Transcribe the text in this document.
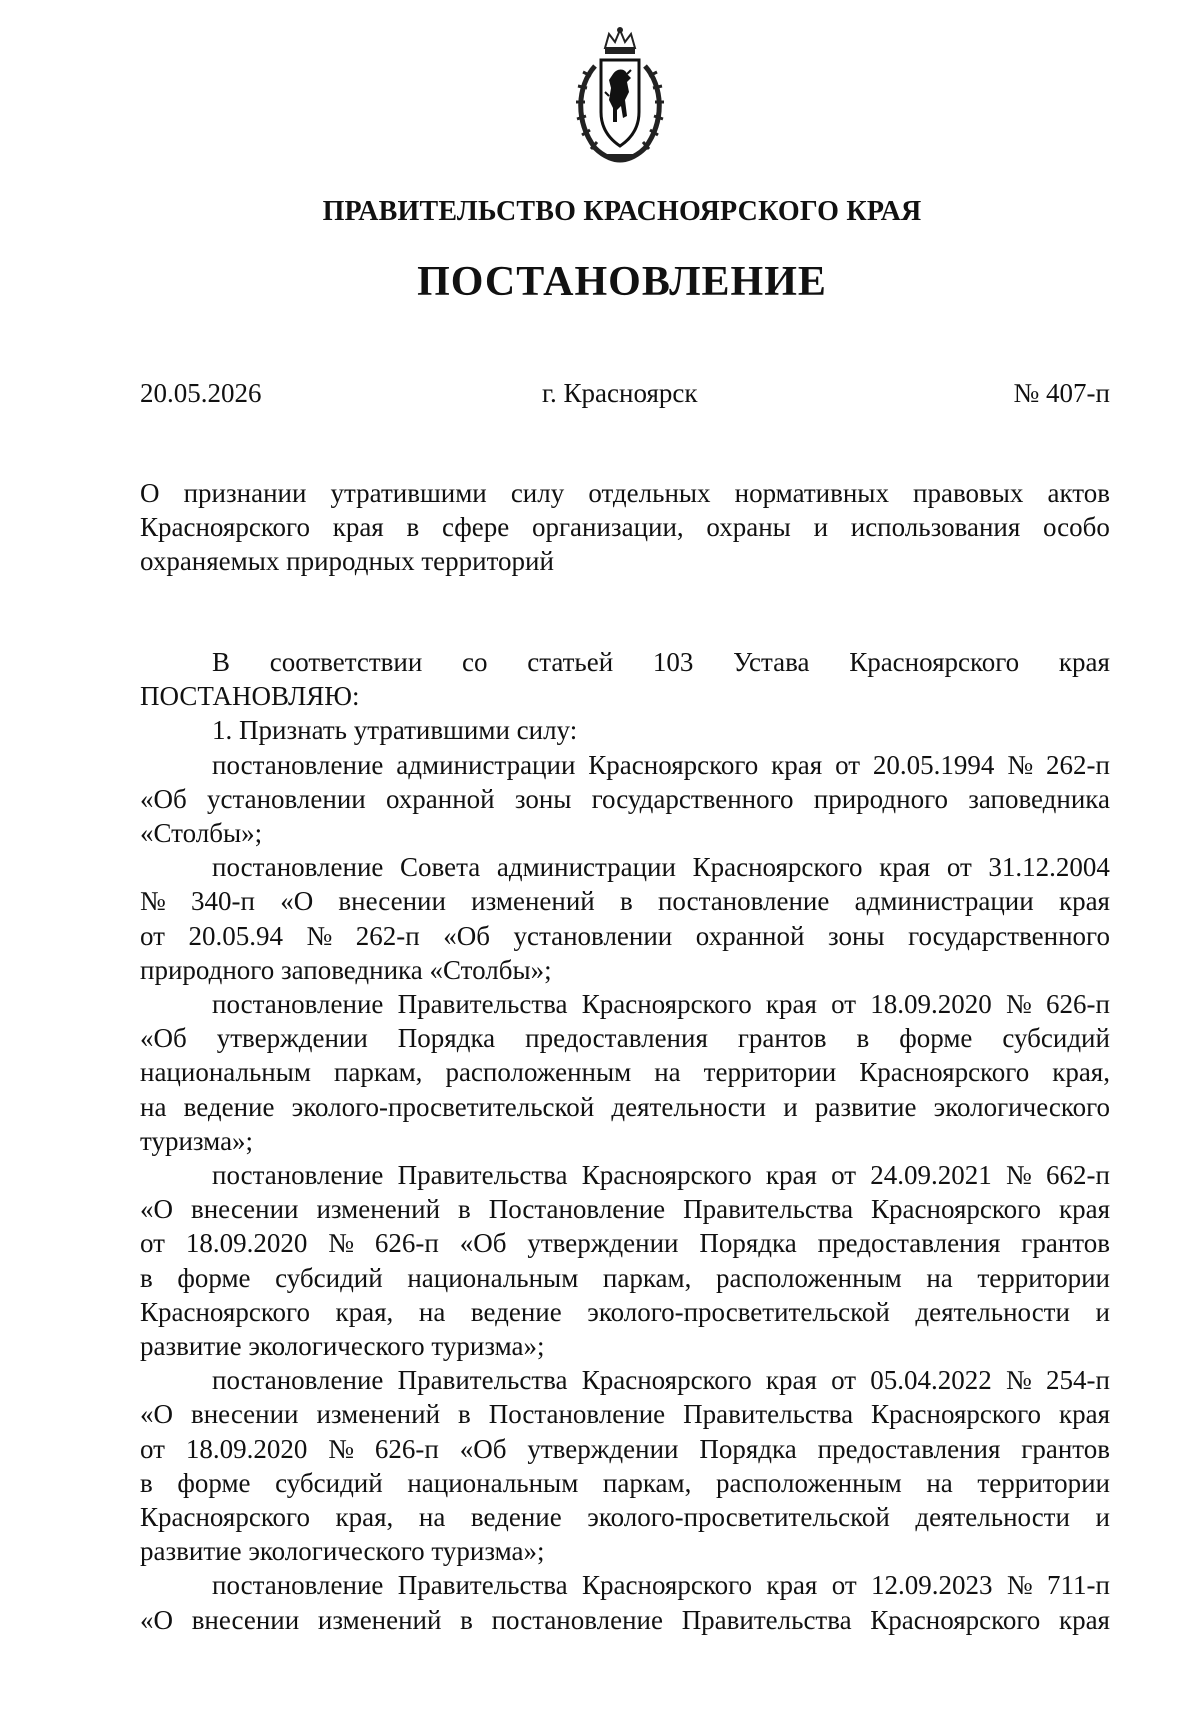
ПРАВИТЕЛЬСТВО КРАСНОЯРСКОГО КРАЯ
ПОСТАНОВЛЕНИЕ
20.05.2026	г. Красноярск	№ 407-п
О признании утратившими силу отдельных нормативных правовых актов
Красноярского края в сфере организации, охраны и использования особо
охраняемых природных территорий
В соответствии со статьей 103 Устава Красноярского края
ПОСТАНОВЛЯЮ:
1. Признать утратившими силу:
постановление администрации Красноярского края от 20.05.1994 № 262-п
«Об установлении охранной зоны государственного природного заповедника
«Столбы»;
постановление Совета администрации Красноярского края от 31.12.2004
№ 340-п «О внесении изменений в постановление администрации края
от 20.05.94 № 262-п «Об установлении охранной зоны государственного
природного заповедника «Столбы»;
постановление Правительства Красноярского края от 18.09.2020 № 626-п
«Об утверждении Порядка предоставления грантов в форме субсидий
национальным паркам, расположенным на территории Красноярского края,
на ведение эколого-просветительской деятельности и развитие экологического
туризма»;
постановление Правительства Красноярского края от 24.09.2021 № 662-п
«О внесении изменений в Постановление Правительства Красноярского края
от 18.09.2020 № 626-п «Об утверждении Порядка предоставления грантов
в форме субсидий национальным паркам, расположенным на территории
Красноярского края, на ведение эколого-просветительской деятельности и
развитие экологического туризма»;
постановление Правительства Красноярского края от 05.04.2022 № 254-п
«О внесении изменений в Постановление Правительства Красноярского края
от 18.09.2020 № 626-п «Об утверждении Порядка предоставления грантов
в форме субсидий национальным паркам, расположенным на территории
Красноярского края, на ведение эколого-просветительской деятельности и
развитие экологического туризма»;
постановление Правительства Красноярского края от 12.09.2023 № 711-п
«О внесении изменений в постановление Правительства Красноярского края
